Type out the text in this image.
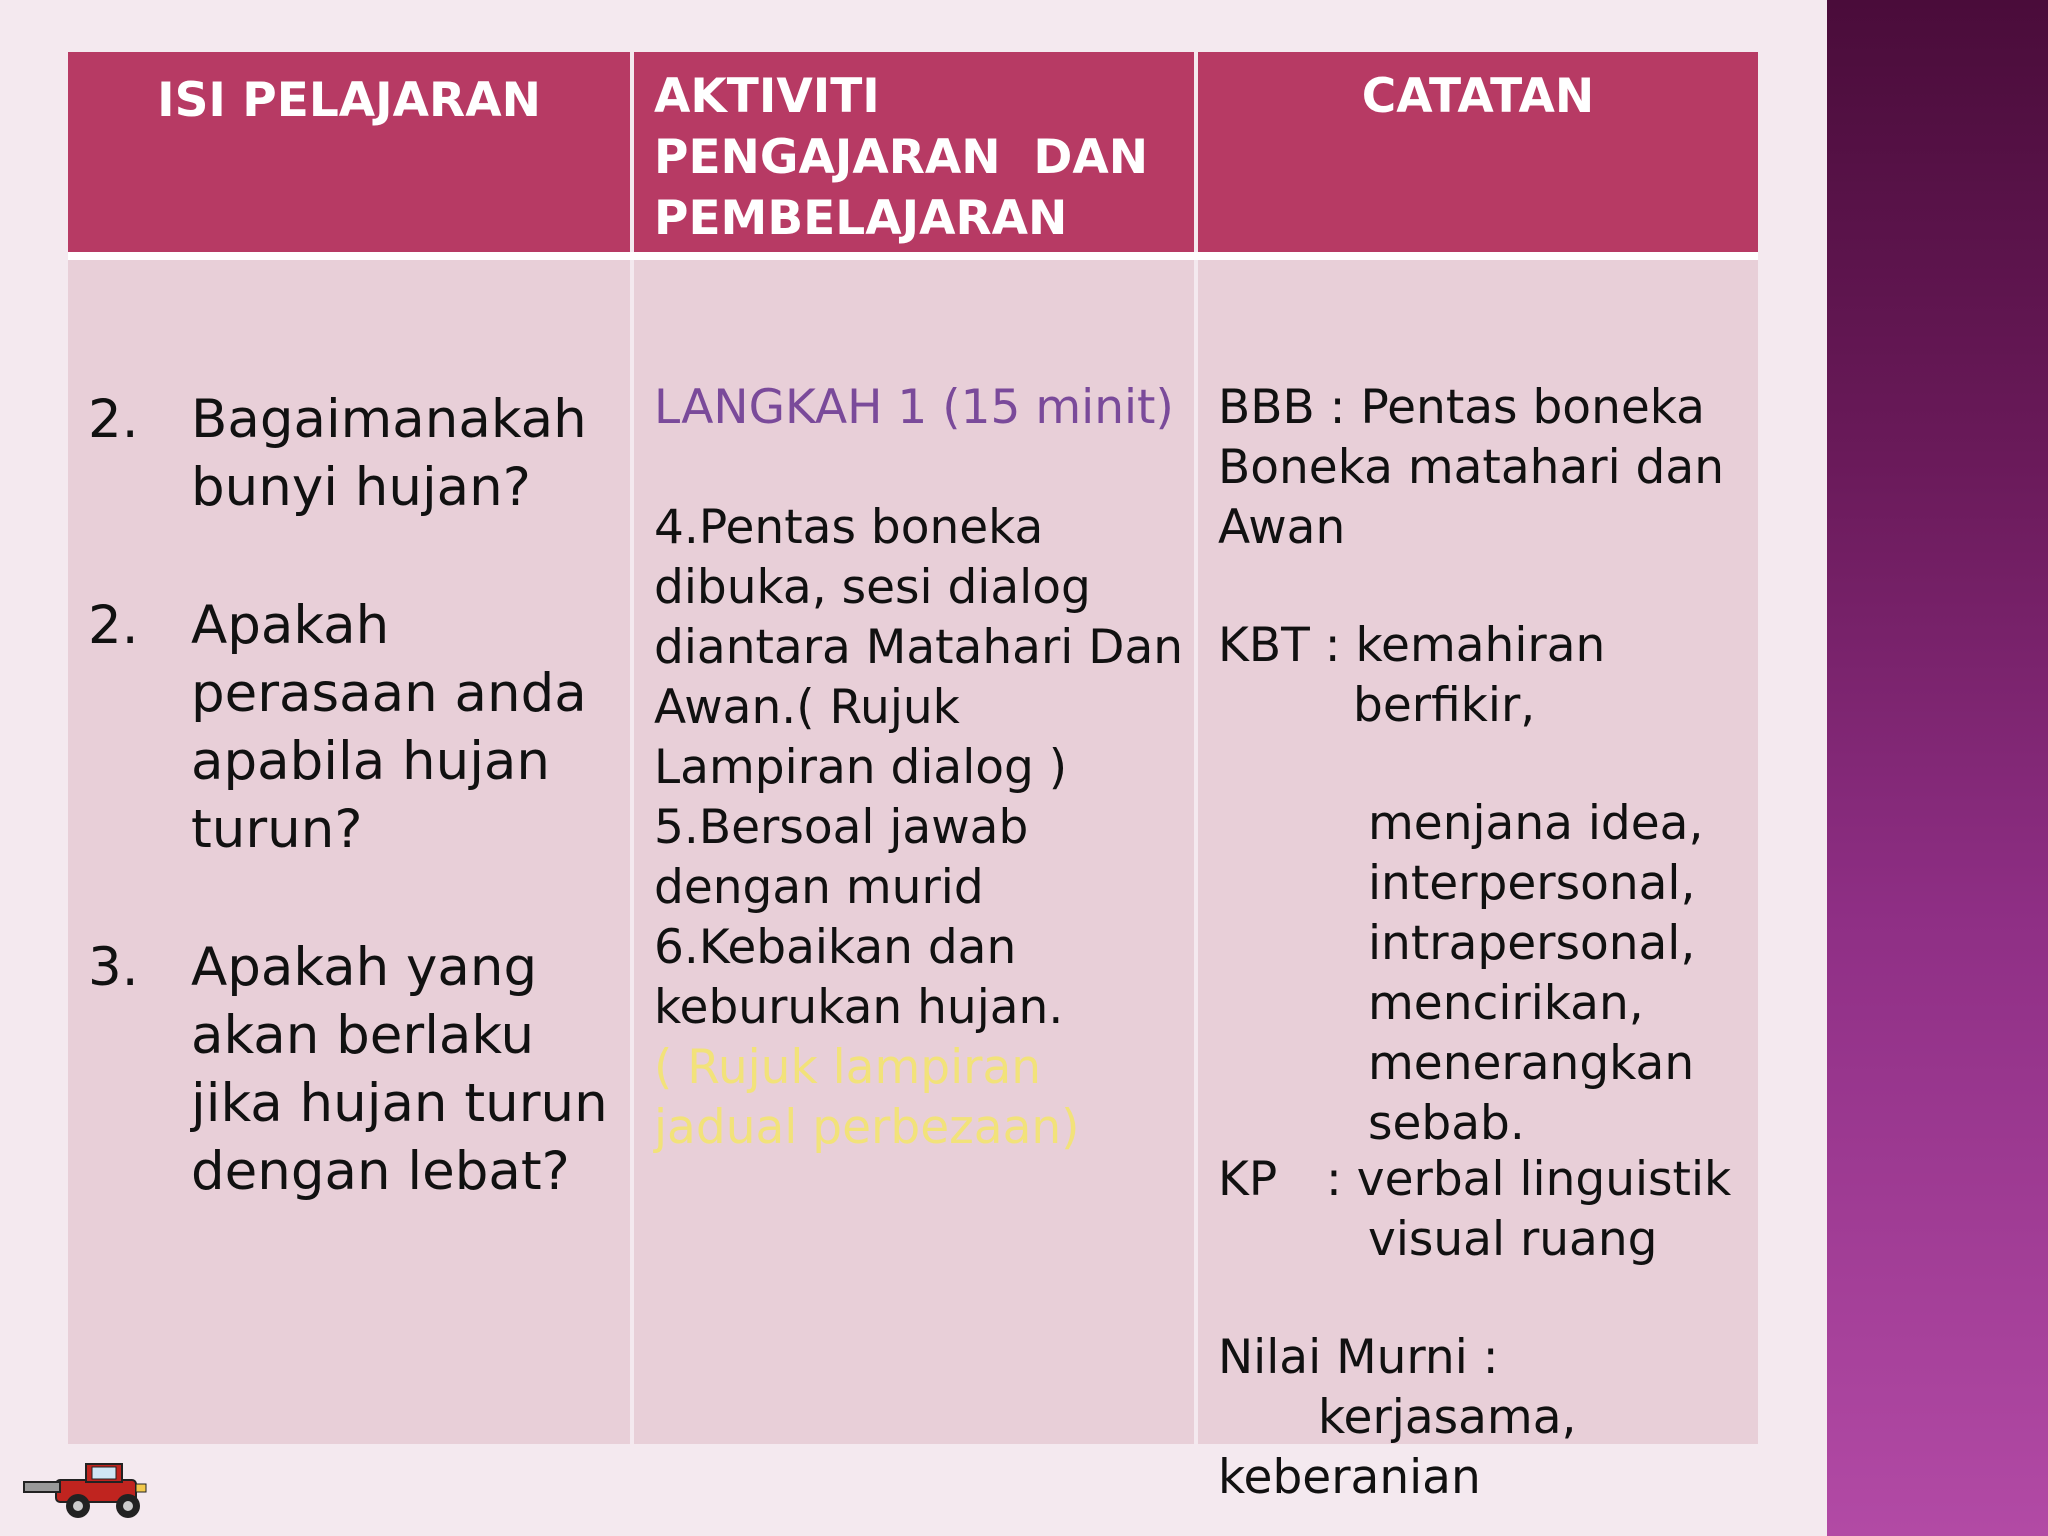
ISI PELAJARAN	AKTIVITI
PENGAJARAN  DAN
PEMBELAJARAN
CATATAN
2. Bagaimanakah
bunyi hujan?
2. Apakah
perasaan anda
apabila hujan
turun?
3. Apakah yang
akan berlaku
jika hujan turun
dengan lebat?
LANGKAH 1 (15 minit)
4.Pentas boneka
dibuka, sesi dialog
diantara Matahari Dan
Awan.( Rujuk
Lampiran dialog )
5.Bersoal jawab
dengan murid
6.Kebaikan dan
keburukan hujan.
( Rujuk lampiran
jadual perbezaan)
BBB : Pentas boneka
Boneka matahari dan
Awan
KBT : kemahiran
berfikir,
menjana idea,
interpersonal,
intrapersonal,
mencirikan,
menerangkan
sebab.
KP : verbal linguistik
visual ruang
Nilai Murni :
kerjasama,
keberanian
